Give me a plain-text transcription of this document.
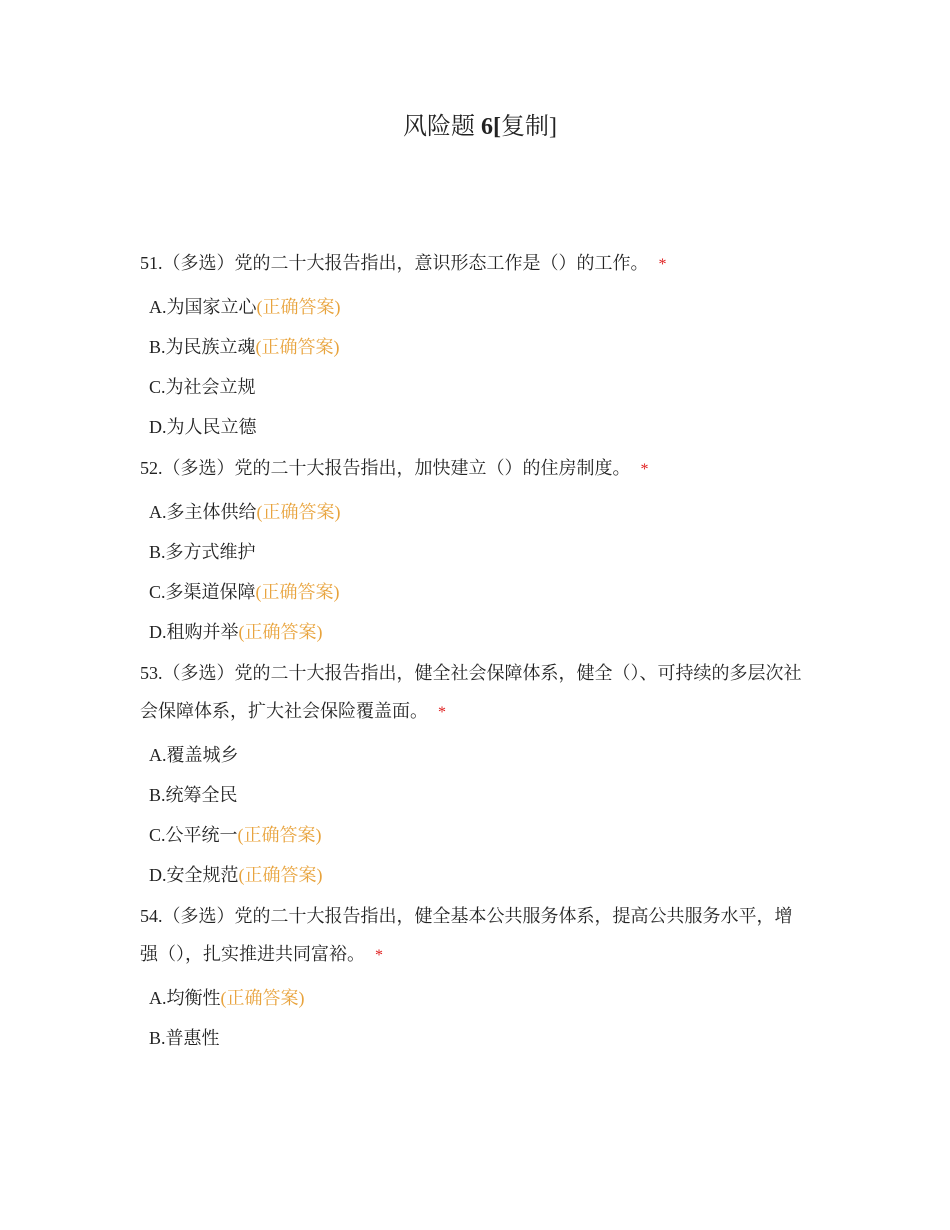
风险题 6[复制]
51.（多选）党的二十大报告指出，意识形态工作是（）的工作。 *
A.为国家立心(正确答案)
B.为民族立魂(正确答案)
C.为社会立规
D.为人民立德
52.（多选）党的二十大报告指出，加快建立（）的住房制度。 *
A.多主体供给(正确答案)
B.多方式维护
C.多渠道保障(正确答案)
D.租购并举(正确答案)
53.（多选）党的二十大报告指出，健全社会保障体系，健全（）、可持续的多层次社会保障体系，扩大社会保险覆盖面。 *
A.覆盖城乡
B.统筹全民
C.公平统一(正确答案)
D.安全规范(正确答案)
54.（多选）党的二十大报告指出，健全基本公共服务体系，提高公共服务水平，增强（），扎实推进共同富裕。 *
A.均衡性(正确答案)
B.普惠性
